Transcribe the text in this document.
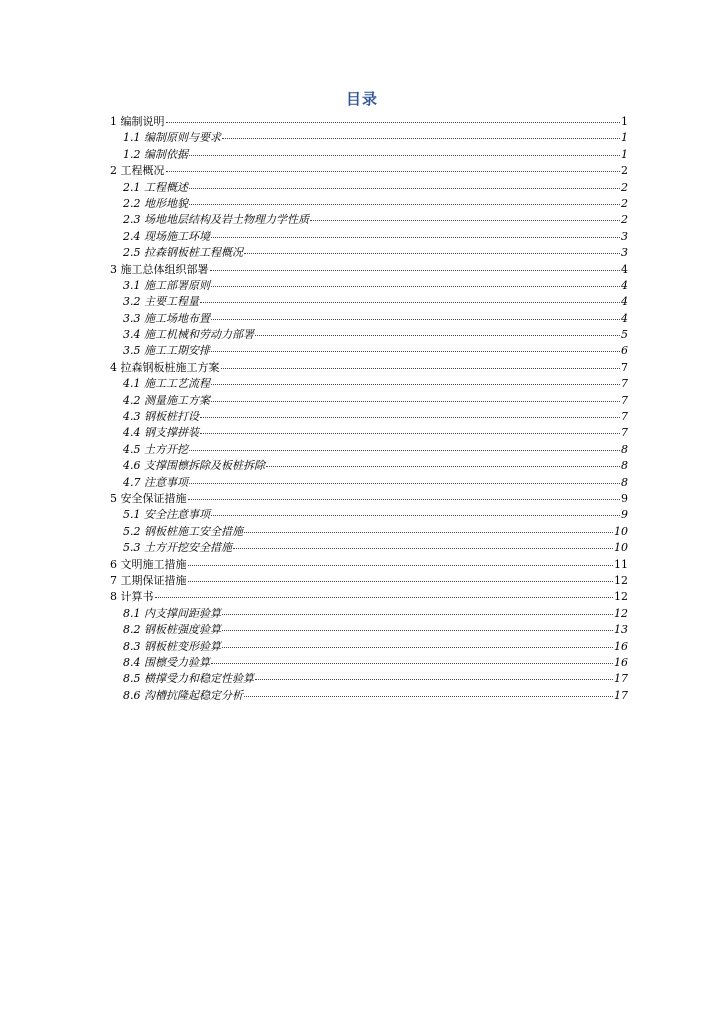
目录
1 编制说明	1
1.1 编制原则与要求	1
1.2 编制依据	1
2 工程概况	2
2.1 工程概述	2
2.2 地形地貌	2
2.3 场地地层结构及岩土物理力学性质	2
2.4 现场施工环境	3
2.5 拉森钢板桩工程概况	3
3 施工总体组织部署	4
3.1 施工部署原则	4
3.2 主要工程量	4
3.3 施工场地布置	4
3.4 施工机械和劳动力部署	5
3.5 施工工期安排	6
4 拉森钢板桩施工方案	7
4.1 施工工艺流程	7
4.2 测量施工方案	7
4.3 钢板桩打设	7
4.4 钢支撑拼装	7
4.5 土方开挖	8
4.6 支撑围檩拆除及板桩拆除	8
4.7 注意事项	8
5 安全保证措施	9
5.1 安全注意事项	9
5.2 钢板桩施工安全措施	10
5.3 土方开挖安全措施	10
6 文明施工措施	11
7 工期保证措施	12
8 计算书	12
8.1 内支撑间距验算	12
8.2 钢板桩强度验算	13
8.3 钢板桩变形验算	16
8.4 围檩受力验算	16
8.5 横撑受力和稳定性验算	17
8.6 沟槽抗隆起稳定分析	17
